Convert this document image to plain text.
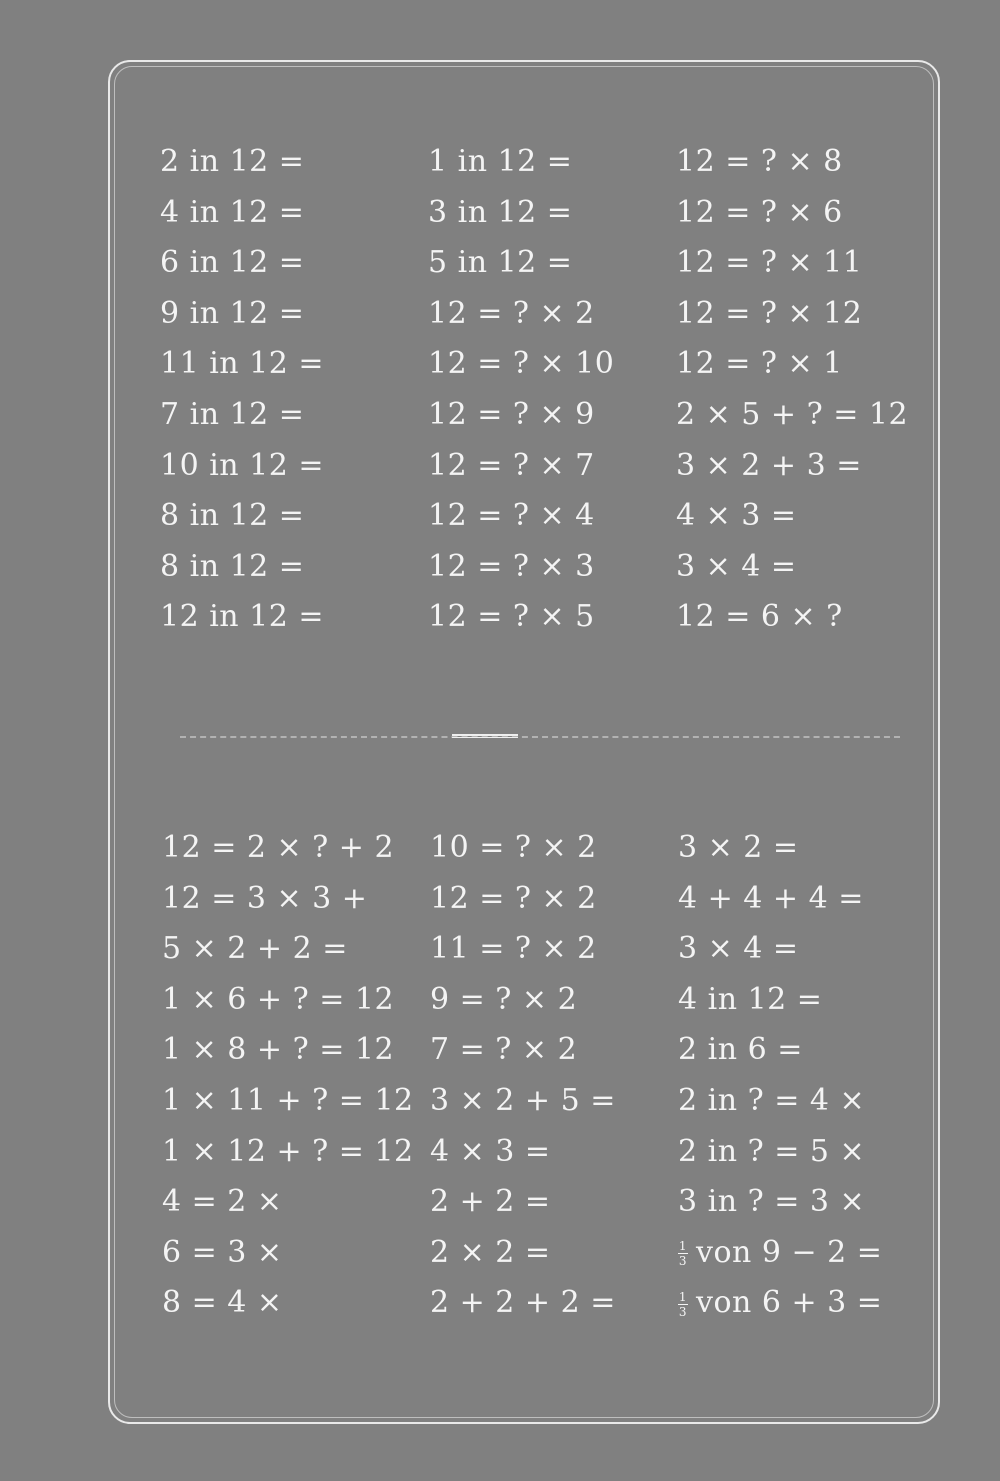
2 in 12 =
4 in 12 =
6 in 12 =
9 in 12 =
11 in 12 =
7 in 12 =
10 in 12 =
8 in 12 =
8 in 12 =
12 in 12 =
1 in 12 =
3 in 12 =
5 in 12 =
12 = ? × 2
12 = ? × 10
12 = ? × 9
12 = ? × 7
12 = ? × 4
12 = ? × 3
12 = ? × 5
12 = ? × 8
12 = ? × 6
12 = ? × 11
12 = ? × 12
12 = ? × 1
2 × 5 + ? = 12
3 × 2 + 3 =
4 × 3 =
3 × 4 =
12 = 6 × ?
12 = 2 × ? + 2
12 = 3 × 3 +
5 × 2 + 2 =
1 × 6 + ? = 12
1 × 8 + ? = 12
1 × 11 + ? = 12
1 × 12 + ? = 12
4 = 2 ×
6 = 3 ×
8 = 4 ×
10 = ? × 2
12 = ? × 2
11 = ? × 2
9 = ? × 2
7 = ? × 2
3 × 2 + 5 =
4 × 3 =
2 + 2 =
2 × 2 =
2 + 2 + 2 =
3 × 2 =
4 + 4 + 4 =
3 × 4 =
4 in 12 =
2 in 6 =
2 in ? = 4 ×
2 in ? = 5 ×
3 in ? = 3 ×
$\frac{1}{3}$ von 9 − 2 =
$\frac{1}{3}$ von 6 + 3 =
